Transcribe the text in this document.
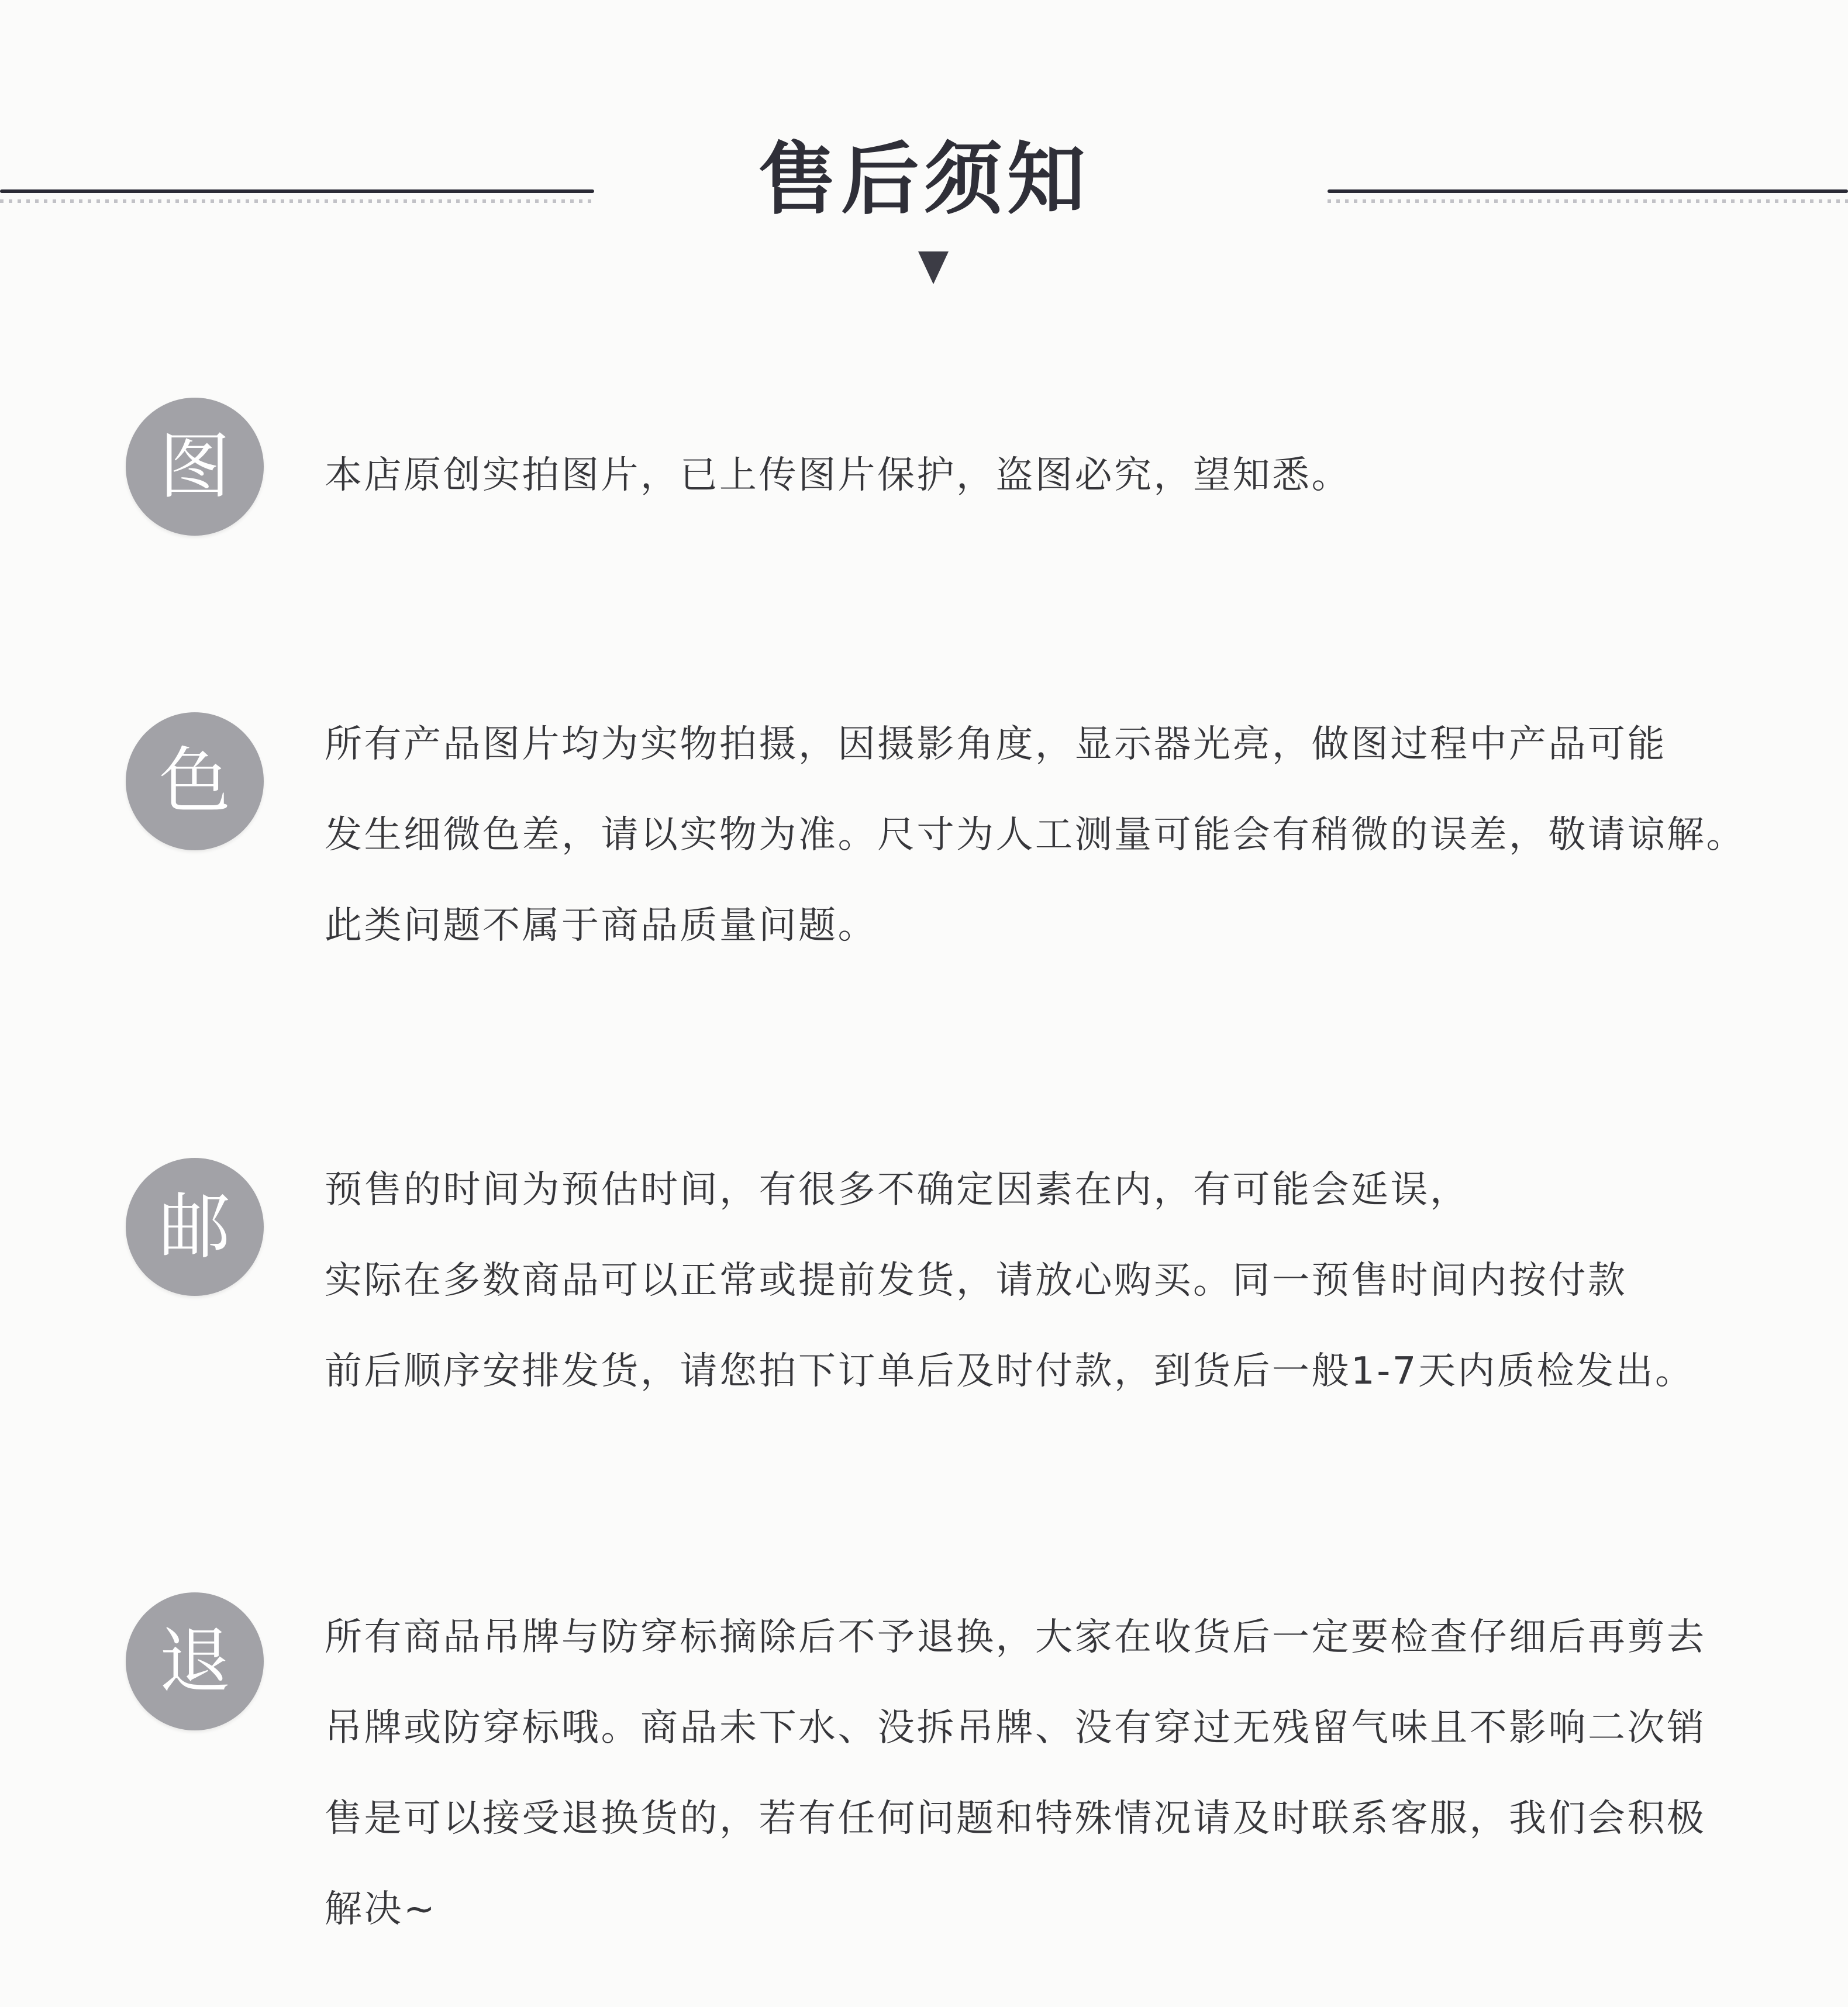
售后须知
图	本店原创实拍图片，已上传图片保护，盗图必究，望知悉。

色	所有产品图片均为实物拍摄，因摄影角度，显示器光亮，做图过程中产品可能

发生细微色差，请以实物为准。尺寸为人工测量可能会有稍微的误差，敬请谅解。

此类问题不属于商品质量问题。

邮	预售的时间为预估时间，有很多不确定因素在内，有可能会延误，

实际在多数商品可以正常或提前发货，请放心购买。同一预售时间内按付款

前后顺序安排发货，请您拍下订单后及时付款，到货后一般1-7天内质检发出。

退	所有商品吊牌与防穿标摘除后不予退换，大家在收货后一定要检查仔细后再剪去

吊牌或防穿标哦。商品未下水、没拆吊牌、没有穿过无残留气味且不影响二次销

售是可以接受退换货的，若有任何问题和特殊情况请及时联系客服，我们会积极

解决~
